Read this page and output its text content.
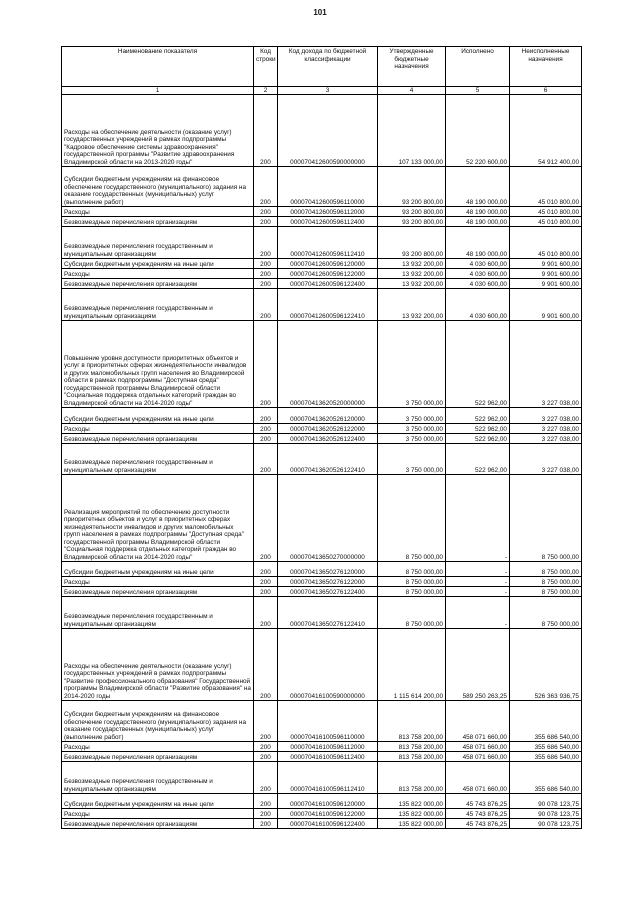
101
Наименование показателя	Код строки	Код дохода по бюджетной классификации	Утвержденные бюджетные назначения	Исполнено	Неисполненные назначения
1	2	3	4	5	6
Расходы на обеспечение деятельности (оказание услуг) государственных учреждений в рамках подпрограммы "Кадровое обеспечение системы здравоохранения" государственной программы "Развитие здравоохранения Владимирской области на 2013-2020 годы"	200	000070412600590000000	107 133 000,00	52 220 600,00	54 912 400,00
Субсидии бюджетным учреждениям на финансовое обеспечение государственного (муниципального) задания на оказание государственных (муниципальных) услуг (выполнение работ)	200	000070412600596110000	93 200 800,00	48 190 000,00	45 010 800,00
Расходы	200	000070412600596112000	93 200 800,00	48 190 000,00	45 010 800,00
Безвозмездные перечисления организациям	200	000070412600596112400	93 200 800,00	48 190 000,00	45 010 800,00
Безвозмездные перечисления государственным и муниципальным организациям	200	000070412600596112410	93 200 800,00	48 190 000,00	45 010 800,00
Субсидии бюджетным учреждениям на иные цели	200	000070412600596120000	13 932 200,00	4 030 600,00	9 901 600,00
Расходы	200	000070412600596122000	13 932 200,00	4 030 600,00	9 901 600,00
Безвозмездные перечисления организациям	200	000070412600596122400	13 932 200,00	4 030 600,00	9 901 600,00
Безвозмездные перечисления государственным и муниципальным организациям	200	000070412600596122410	13 932 200,00	4 030 600,00	9 901 600,00
Повышение уровня доступности приоритетных объектов и услуг в приоритетных сферах жизнедеятельности инвалидов и других маломобильных групп населения во Владимирской области в рамках подпрограммы "Доступная среда" государственной программы Владимирской области "Социальная поддержка отдельных категорий граждан во Владимирской области на 2014-2020 годы"	200	000070413620520000000	3 750 000,00	522 962,00	3 227 038,00
Субсидии бюджетным учреждениям на иные цели	200	000070413620526120000	3 750 000,00	522 962,00	3 227 038,00
Расходы	200	000070413620526122000	3 750 000,00	522 962,00	3 227 038,00
Безвозмездные перечисления организациям	200	000070413620526122400	3 750 000,00	522 962,00	3 227 038,00
Безвозмездные перечисления государственным и муниципальным организациям	200	000070413620526122410	3 750 000,00	522 962,00	3 227 038,00
Реализация мероприятий по обеспечению доступности приоритетных объектов и услуг в приоритетных сферах жизнедеятельности инвалидов и других маломобильных групп населения в рамках подпрограммы "Доступная среда" государственной программы Владимирской области "Социальная поддержка отдельных категорий граждан во Владимирской области на 2014-2020 годы"	200	000070413650270000000	8 750 000,00	-	8 750 000,00
Субсидии бюджетным учреждениям на иные цели	200	000070413650276120000	8 750 000,00	-	8 750 000,00
Расходы	200	000070413650276122000	8 750 000,00	-	8 750 000,00
Безвозмездные перечисления организациям	200	000070413650276122400	8 750 000,00	-	8 750 000,00
Безвозмездные перечисления государственным и муниципальным организациям	200	000070413650276122410	8 750 000,00	-	8 750 000,00
Расходы на обеспечение деятельности (оказание услуг) государственных учреждений в рамках подпрограммы "Развитие профессионального образования" Государственной программы Владимирской области "Развитие образования" на 2014-2020 годы	200	000070416100590000000	1 115 614 200,00	589 250 263,25	526 363 936,75
Субсидии бюджетным учреждениям на финансовое обеспечение государственного (муниципального) задания на оказание государственных (муниципальных) услуг (выполнение работ)	200	000070416100596110000	813 758 200,00	458 071 660,00	355 686 540,00
Расходы	200	000070416100596112000	813 758 200,00	458 071 660,00	355 686 540,00
Безвозмездные перечисления организациям	200	000070416100596112400	813 758 200,00	458 071 660,00	355 686 540,00
Безвозмездные перечисления государственным и муниципальным организациям	200	000070416100596112410	813 758 200,00	458 071 660,00	355 686 540,00
Субсидии бюджетным учреждениям на иные цели	200	000070416100596120000	135 822 000,00	45 743 876,25	90 078 123,75
Расходы	200	000070416100596122000	135 822 000,00	45 743 876,25	90 078 123,75
Безвозмездные перечисления организациям	200	000070416100596122400	135 822 000,00	45 743 876,25	90 078 123,75
